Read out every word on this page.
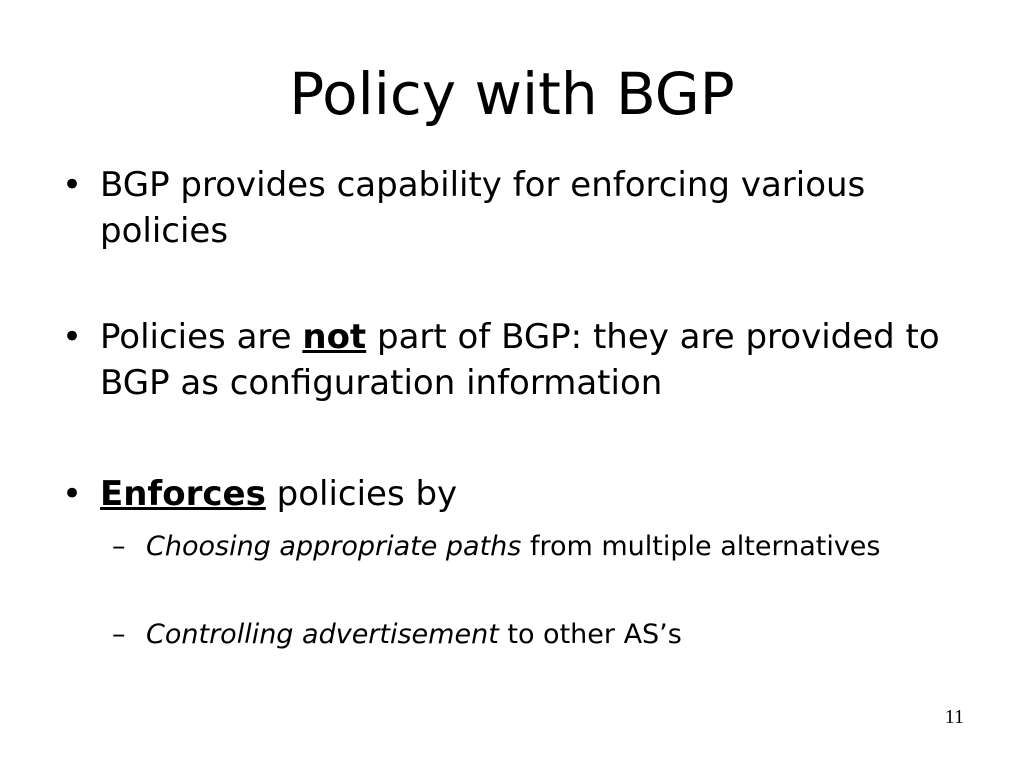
Policy with BGP
• BGP provides capability for enforcing various policies
• Policies are not part of BGP: they are provided to BGP as configuration information
• Enforces policies by
– Choosing appropriate paths from multiple alternatives
– Controlling advertisement to other AS’s
11
